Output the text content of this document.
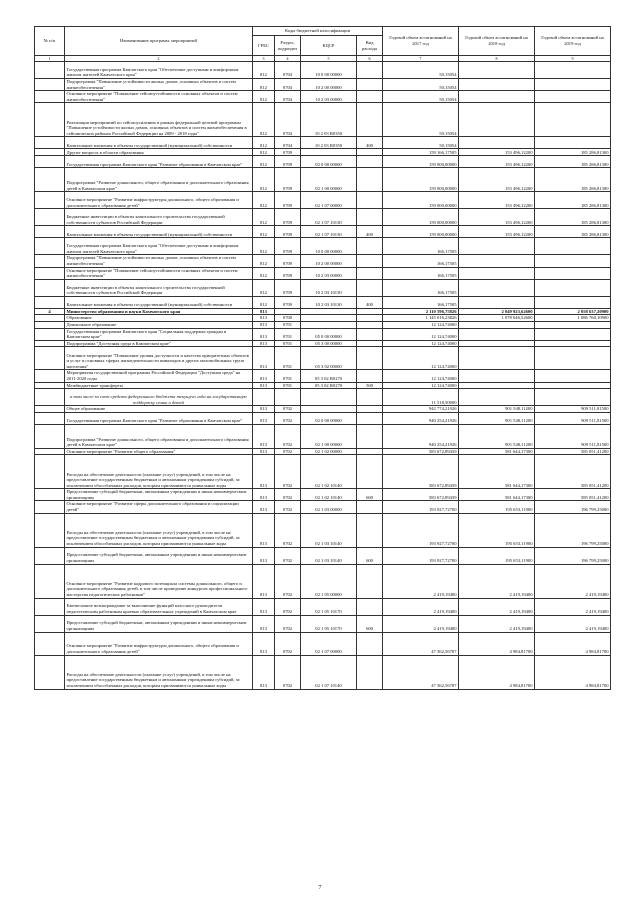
№ п/п	Наименование программ, мероприятий	Коды бюджетной классификации				Годовой объем ассигнований на 2017 год	Годовой объем ассигнований на 2018 год	Годовой объем ассигнований на 2019 год
		ГРБС	Раздел, подраздел	КЦСР	Вид расхода			
1	2	3	4	5	6	7	8	9
	Государственная программа Камчатского края "Обеспечение доступным и комфортным жильем жителей Камчатского края"	812	0704	10 0 00 00000		50,15054		
	Подпрограмма "Повышение устойчивости жилых домов, основных объектов и систем жизнеобеспечения"	812	0704	10 2 00 00000		50,15054		
	Основное мероприятие "Повышение сейсмоустойчивости основных объектов и систем жизнеобеспечения"	812	0704	10 2 03 00000		50,15054		
	Реализация мероприятий по сейсмоусилению в рамках федеральной целевой программы "Повышение устойчивости жилых домов, основных объектов и систем жизнеобеспечения в сейсмических районах Российской Федерации на 2009 - 2018 годы"	812	0704	10 2 03 R0350		50,15054		
	Капитальные вложения в объекты государственной (муниципальной) собственности	812	0704	10 2 03 R0350	400	50,15054		
	Другие вопросы в области образования	812	0709			159 166,17505	153 496,12200	185 286,81300
	Государственная программа Камчатского края "Развитие образования в Камчатском крае"	812	0709	02 0 00 00000		159 000,00000	153 496,12200	185 286,81300
	Подпрограмма "Развитие дошкольного, общего образования и дополнительного образования детей в Камчатском крае"	812	0709	02 1 00 00000		159 000,00000	153 496,12200	185 286,81300
	Основное мероприятие "Развитие инфраструктуры дошкольного, общего образования и дополнительного образования детей"	812	0709	02 1 07 00000		159 000,00000	153 496,12200	185 286,81300
	Бюджетные инвестиции в объекты капитального строительства государственной собственности субъектов Российской Федерации	812	0709	02 1 07 10130		159 000,00000	153 496,12200	185 286,81300
	Капитальные вложения в объекты государственной (муниципальной) собственности	812	0709	02 1 07 10130	400	159 000,00000	153 496,12200	185 286,81300
	Государственная программа Камчатского края "Обеспечение доступным и комфортным жильем жителей Камчатского края"	812	0709	10 0 00 00000		166,17505		
	Подпрограмма "Повышение устойчивости жилых домов, основных объектов и систем жизнеобеспечения"	812	0709	10 2 00 00000		166,17505		
	Основное мероприятие "Повышение сейсмоустойчивости основных объектов и систем жизнеобеспечения"	812	0709	10 2 03 00000		166,17505		
	Бюджетные инвестиции в объекты капитального строительства государственной собственности субъектов Российской Федерации	812	0709	10 2 03 10130		166,17505		
	Капитальные вложения в объекты государственной (муниципальной) собственности	812	0709	10 2 03 10130	400	166,17505		
4	Министерство образования и науки Камчатского края	813				2 110 596,75826	2 049 923,62600	2 058 637,20900
	Образование	813	0700			1 145 016,23826	1 078 046,52600	1 086 760,10900
	Дошкольное образование	813	0701			12 124,74000		
	Государственная программа Камчатского края "Социальная поддержка граждан в Камчатском крае"	813	0701	05 0 00 00000		12 124,74000		
	Подпрограмма "Доступная среда в Камчатском крае"	813	0701	05 3 00 00000		12 124,74000		
	Основное мероприятие "Повышение уровня доступности и качества приоритетных объектов и услуг в основных сферах жизнедеятельности инвалидов и других маломобильных групп населения"	813	0701	05 3 02 00000		12 124,74000		
	Мероприятия государственной программы Российской Федерации "Доступная среда" на 2011-2020 годы	813	0701	05 3 02 R0270		12 124,74000		
	Межбюджетные трансферты	813	0701	05 3 02 R0270	500	12 124,74000		
	в том числе за счет средств федерального бюджета текущего года на государственную поддержку семьи и детей					11 518,50000		
	Общее образование	813	0702			942 774,21926	901 548,11200	909 511,81500
	Государственная программа Камчатского края "Развитие образования в Камчатском крае"	813	0702	02 0 00 00000		940 254,21926	901 548,11200	909 511,81500
	Подпрограмма "Развитие дошкольного, общего образования и дополнительного образования детей в Камчатском крае"	813	0702	02 1 00 00000		940 254,21926	901 548,11200	909 511,81500
	Основное мероприятие "Развитие общего образования"	813	0702	02 1 02 00000		583 672,89439	581 644,17300	585 051,41200
	Расходы на обеспечение деятельности (оказание услуг) учреждений, в том числе на предоставление государственным бюджетным и автономным учреждениям субсидий, за исключением обособленных расходов, которым присваиваются уникальные коды	813	0702	02 1 02 10140		583 672,89439	581 644,17300	585 051,41200
	Предоставление субсидий бюджетным, автономным учреждениям и иным некоммерческим организациям	813	0702	02 1 02 10140	600	583 672,89439	581 644,17300	585 051,41200
	Основное мероприятие "Развитие сферы дополнительного образования и социализации детей"	813	0702	02 1 03 00000		193 927,72700	195 653,11900	196 799,25000
	Расходы на обеспечение деятельности (оказание услуг) учреждений, в том числе на предоставление государственным бюджетным и автономным учреждениям субсидий, за исключением обособленных расходов, которым присваиваются уникальные коды	813	0702	02 1 03 10140		193 927,72700	195 653,11900	196 799,25000
	Предоставление субсидий бюджетным, автономным учреждениям и иным некоммерческим организациям	813	0702	02 1 03 10140	600	193 927,72700	195 653,11900	196 799,25000
	Основное мероприятие "Развитие кадрового потенциала системы дошкольного, общего и дополнительного образования детей, в том числе проведение конкурсов профессионального мастерства педагогических работников"	813	0702	02 1 05 00000		2 419,19400	2 419,19400	2 419,19400
	Ежемесячное вознаграждение за выполнение функций классного руководителя педагогическим работникам краевых образовательных учреждений в Камчатском крае	813	0702	02 1 05 10170		2 419,19400	2 419,19400	2 419,19400
	Предоставление субсидий бюджетным, автономным учреждениям и иным некоммерческим организациям	813	0702	02 1 05 10170	600	2 419,19400	2 419,19400	2 419,19400
	Основное мероприятие "Развитие инфраструктуры дошкольного, общего образования и дополнительного образования детей"	813	0702	02 1 07 00000		47 362,56787	4 984,81700	4 984,81700
	Расходы на обеспечение деятельности (оказание услуг) учреждений, в том числе на предоставление государственным бюджетным и автономным учреждениям субсидий, за исключением обособленных расходов, которым присваиваются уникальные коды	813	0702	02 1 07 10140		47 362,56787	4 984,81700	4 984,81700
7
